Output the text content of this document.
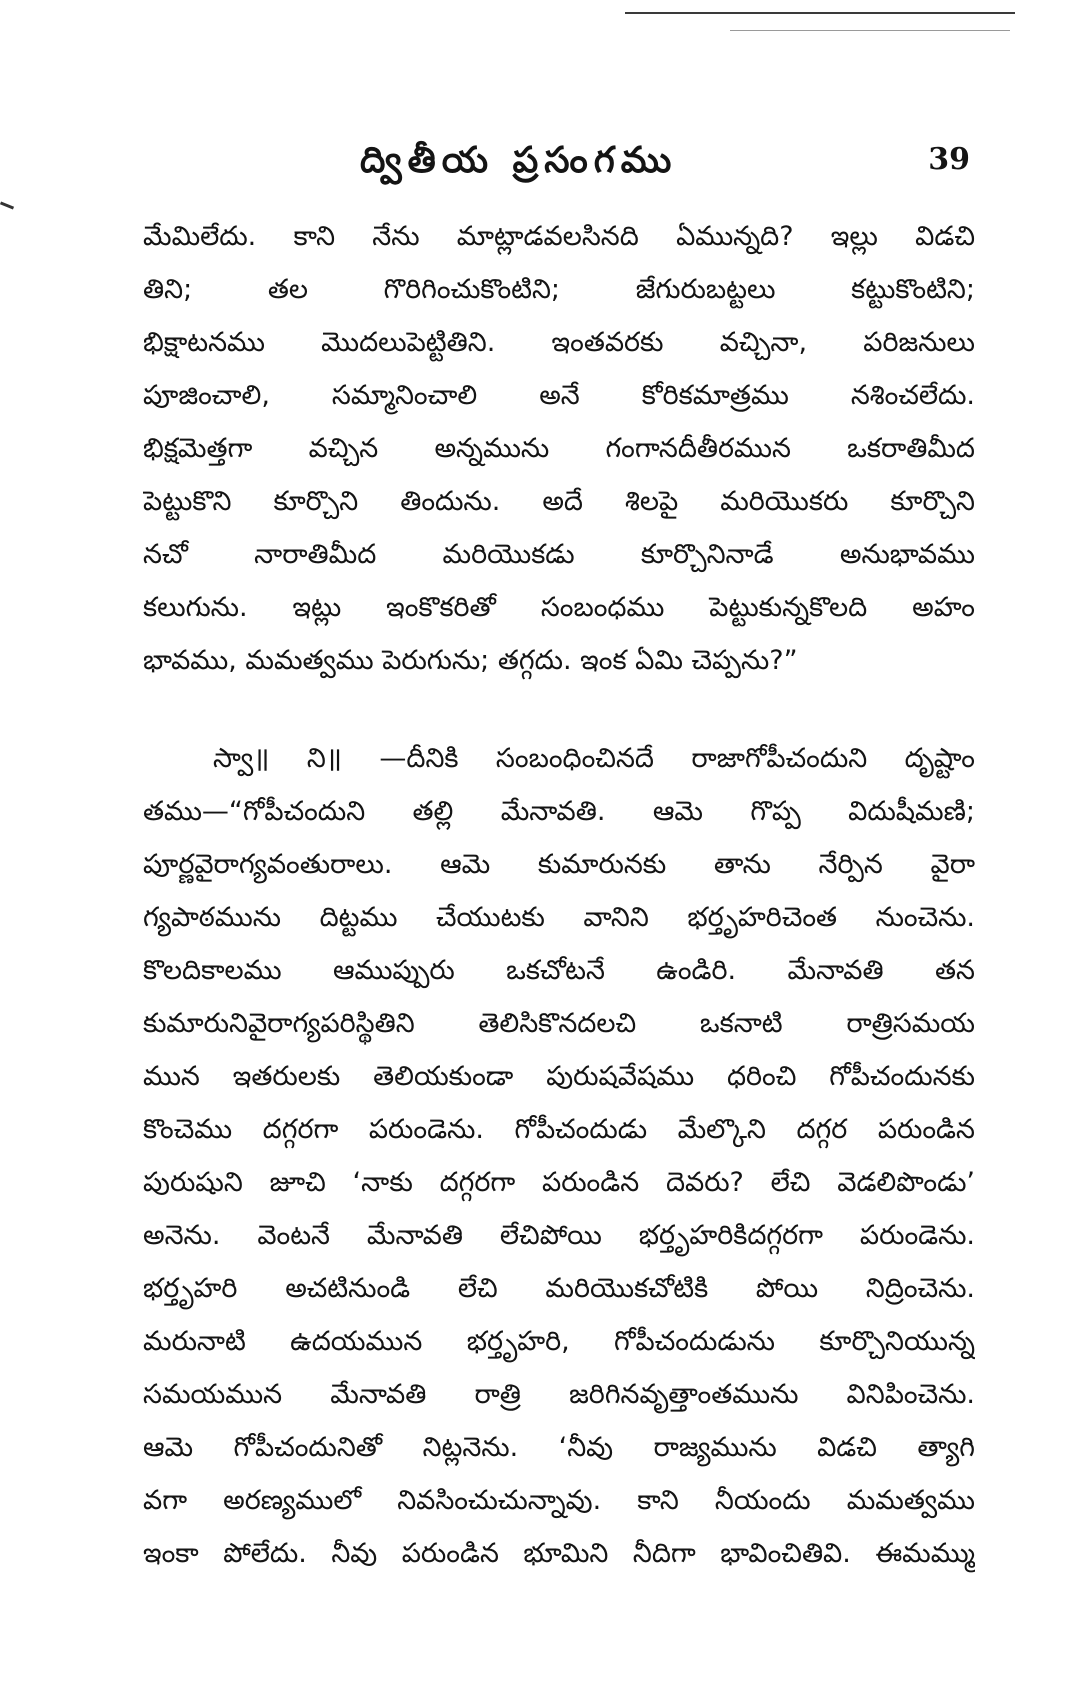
ద్వితీయ ప్రసంగము	39
మేమిలేదు. కాని నేను మాట్లాడవలసినది ఏమున్నది? ఇల్లు విడచి
తిని; తల గొరిగించుకొంటిని; జేగురుబట్టలు కట్టుకొంటిని;
భిక్షాటనము మొదలుపెట్టితిని. ఇంతవరకు వచ్చినా, పరిజనులు
పూజించాలి, సమ్మానించాలి అనే కోరికమాత్రము నశించలేదు.
భిక్షమెత్తగా వచ్చిన అన్నమును గంగానదీతీరమున ఒకరాతిమీద
పెట్టుకొని కూర్చొని తిందును. అదే శిలపై మరియొకరు కూర్చొని
నచో నారాతిమీద మరియొకడు కూర్చొనినాడే అనుభావము
కలుగును. ఇట్లు ఇంకొకరితో సంబంధము పెట్టుకున్నకొలది అహం
భావము, మమత్వము పెరుగును; తగ్గదు. ఇంక ఏమి చెప్పను?”
స్వా॥ ని॥ —దీనికి సంబంధించినదే రాజాగోపీచందుని దృష్టాం
తము—“గోపీచందుని తల్లి మేనావతి. ఆమె గొప్ప విదుషీమణి;
పూర్ణవైరాగ్యవంతురాలు. ఆమె కుమారునకు తాను నేర్పిన వైరా
గ్యపాఠమును దిట్టము చేయుటకు వానిని భర్తృహరిచెంత నుంచెను.
కొలదికాలము ఆముప్పురు ఒకచోటనే ఉండిరి. మేనావతి తన
కుమారునివైరాగ్యపరిస్థితిని తెలిసికొనదలచి ఒకనాటి రాత్రిసమయ
మున ఇతరులకు తెలియకుండా పురుషవేషము ధరించి గోపీచందునకు
కొంచెము దగ్గరగా పరుండెను. గోపీచందుడు మేల్కొని దగ్గర పరుండిన
పురుషుని జూచి ‘నాకు దగ్గరగా పరుండిన దెవరు? లేచి వెడలిపొండు’
అనెను. వెంటనే మేనావతి లేచిపోయి భర్తృహరికిదగ్గరగా పరుండెను.
భర్తృహరి అచటినుండి లేచి మరియొకచోటికి పోయి నిద్రించెను.
మరునాటి ఉదయమున భర్తృహరి, గోపీచందుడును కూర్చొనియున్న
సమయమున మేనావతి రాత్రి జరిగినవృత్తాంతమును వినిపించెను.
ఆమె గోపీచందునితో నిట్లనెను. ‘నీవు రాజ్యమును విడచి త్యాగి
వగా అరణ్యములో నివసించుచున్నావు. కాని నీయందు మమత్వము
ఇంకా పోలేదు. నీవు పరుండిన భూమిని నీదిగా భావించితివి. ఈమమ్ము
